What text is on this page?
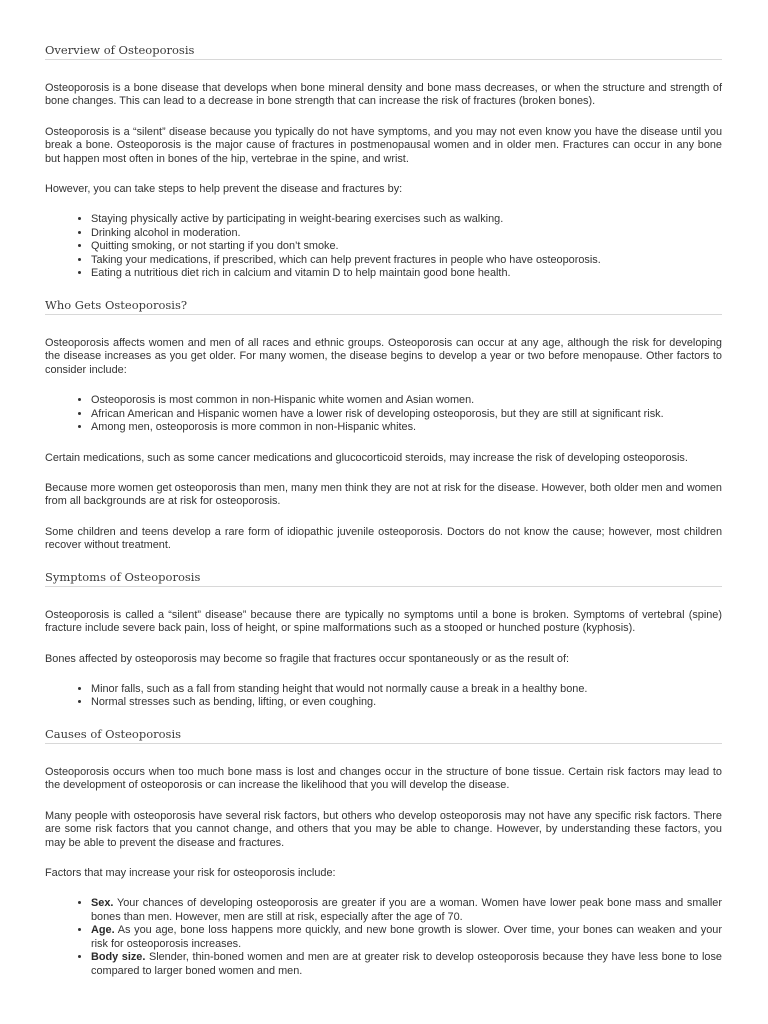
Overview of Osteoporosis

Osteoporosis is a bone disease that develops when bone mineral density and bone mass decreases, or when the structure and strength of bone changes. This can lead to a decrease in bone strength that can increase the risk of fractures (broken bones).

Osteoporosis is a “silent” disease because you typically do not have symptoms, and you may not even know you have the disease until you break a bone. Osteoporosis is the major cause of fractures in postmenopausal women and in older men. Fractures can occur in any bone but happen most often in bones of the hip, vertebrae in the spine, and wrist.

However, you can take steps to help prevent the disease and fractures by:

• Staying physically active by participating in weight-bearing exercises such as walking.
• Drinking alcohol in moderation.
• Quitting smoking, or not starting if you don’t smoke.
• Taking your medications, if prescribed, which can help prevent fractures in people who have osteoporosis.
• Eating a nutritious diet rich in calcium and vitamin D to help maintain good bone health.
Who Gets Osteoporosis?

Osteoporosis affects women and men of all races and ethnic groups. Osteoporosis can occur at any age, although the risk for developing the disease increases as you get older. For many women, the disease begins to develop a year or two before menopause. Other factors to consider include:

• Osteoporosis is most common in non-Hispanic white women and Asian women.
• African American and Hispanic women have a lower risk of developing osteoporosis, but they are still at significant risk.
• Among men, osteoporosis is more common in non-Hispanic whites.

Certain medications, such as some cancer medications and glucocorticoid steroids, may increase the risk of developing osteoporosis.

Because more women get osteoporosis than men, many men think they are not at risk for the disease. However, both older men and women from all backgrounds are at risk for osteoporosis.

Some children and teens develop a rare form of idiopathic juvenile osteoporosis. Doctors do not know the cause; however, most children recover without treatment.

Symptoms of Osteoporosis

Osteoporosis is called a “silent” disease” because there are typically no symptoms until a bone is broken. Symptoms of vertebral (spine) fracture include severe back pain, loss of height, or spine malformations such as a stooped or hunched posture (kyphosis).

Bones affected by osteoporosis may become so fragile that fractures occur spontaneously or as the result of:

• Minor falls, such as a fall from standing height that would not normally cause a break in a healthy bone.
• Normal stresses such as bending, lifting, or even coughing.
Causes of Osteoporosis

Osteoporosis occurs when too much bone mass is lost and changes occur in the structure of bone tissue. Certain risk factors may lead to the development of osteoporosis or can increase the likelihood that you will develop the disease.

Many people with osteoporosis have several risk factors, but others who develop osteoporosis may not have any specific risk factors. There are some risk factors that you cannot change, and others that you may be able to change. However, by understanding these factors, you may be able to prevent the disease and fractures.

Factors that may increase your risk for osteoporosis include:

• Sex. Your chances of developing osteoporosis are greater if you are a woman. Women have lower peak bone mass and smaller bones than men. However, men are still at risk, especially after the age of 70.
• Age. As you age, bone loss happens more quickly, and new bone growth is slower. Over time, your bones can weaken and your risk for osteoporosis increases.
• Body size. Slender, thin-boned women and men are at greater risk to develop osteoporosis because they have less bone to lose compared to larger boned women and men.
